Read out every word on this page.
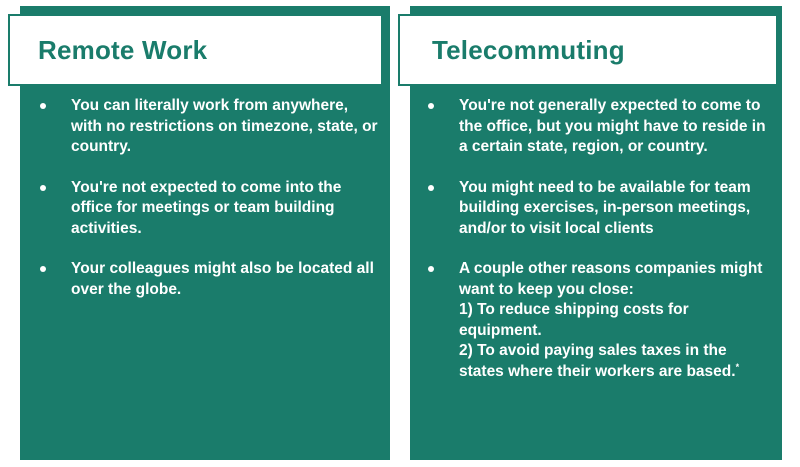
Remote Work
You can literally work from anywhere,
with no restrictions on timezone, state, or
country.
You're not expected to come into the
office for meetings or team building
activities.
Your colleagues might also be located all
over the globe.
Telecommuting
You're not generally expected to come to
the office, but you might have to reside in
a certain state, region, or country.
You might need to be available for team
building exercises, in-person meetings,
and/or to visit local clients
A couple other reasons companies might
want to keep you close:
1) To reduce shipping costs for
equipment.
2) To avoid paying sales taxes in the
states where their workers are based.*
